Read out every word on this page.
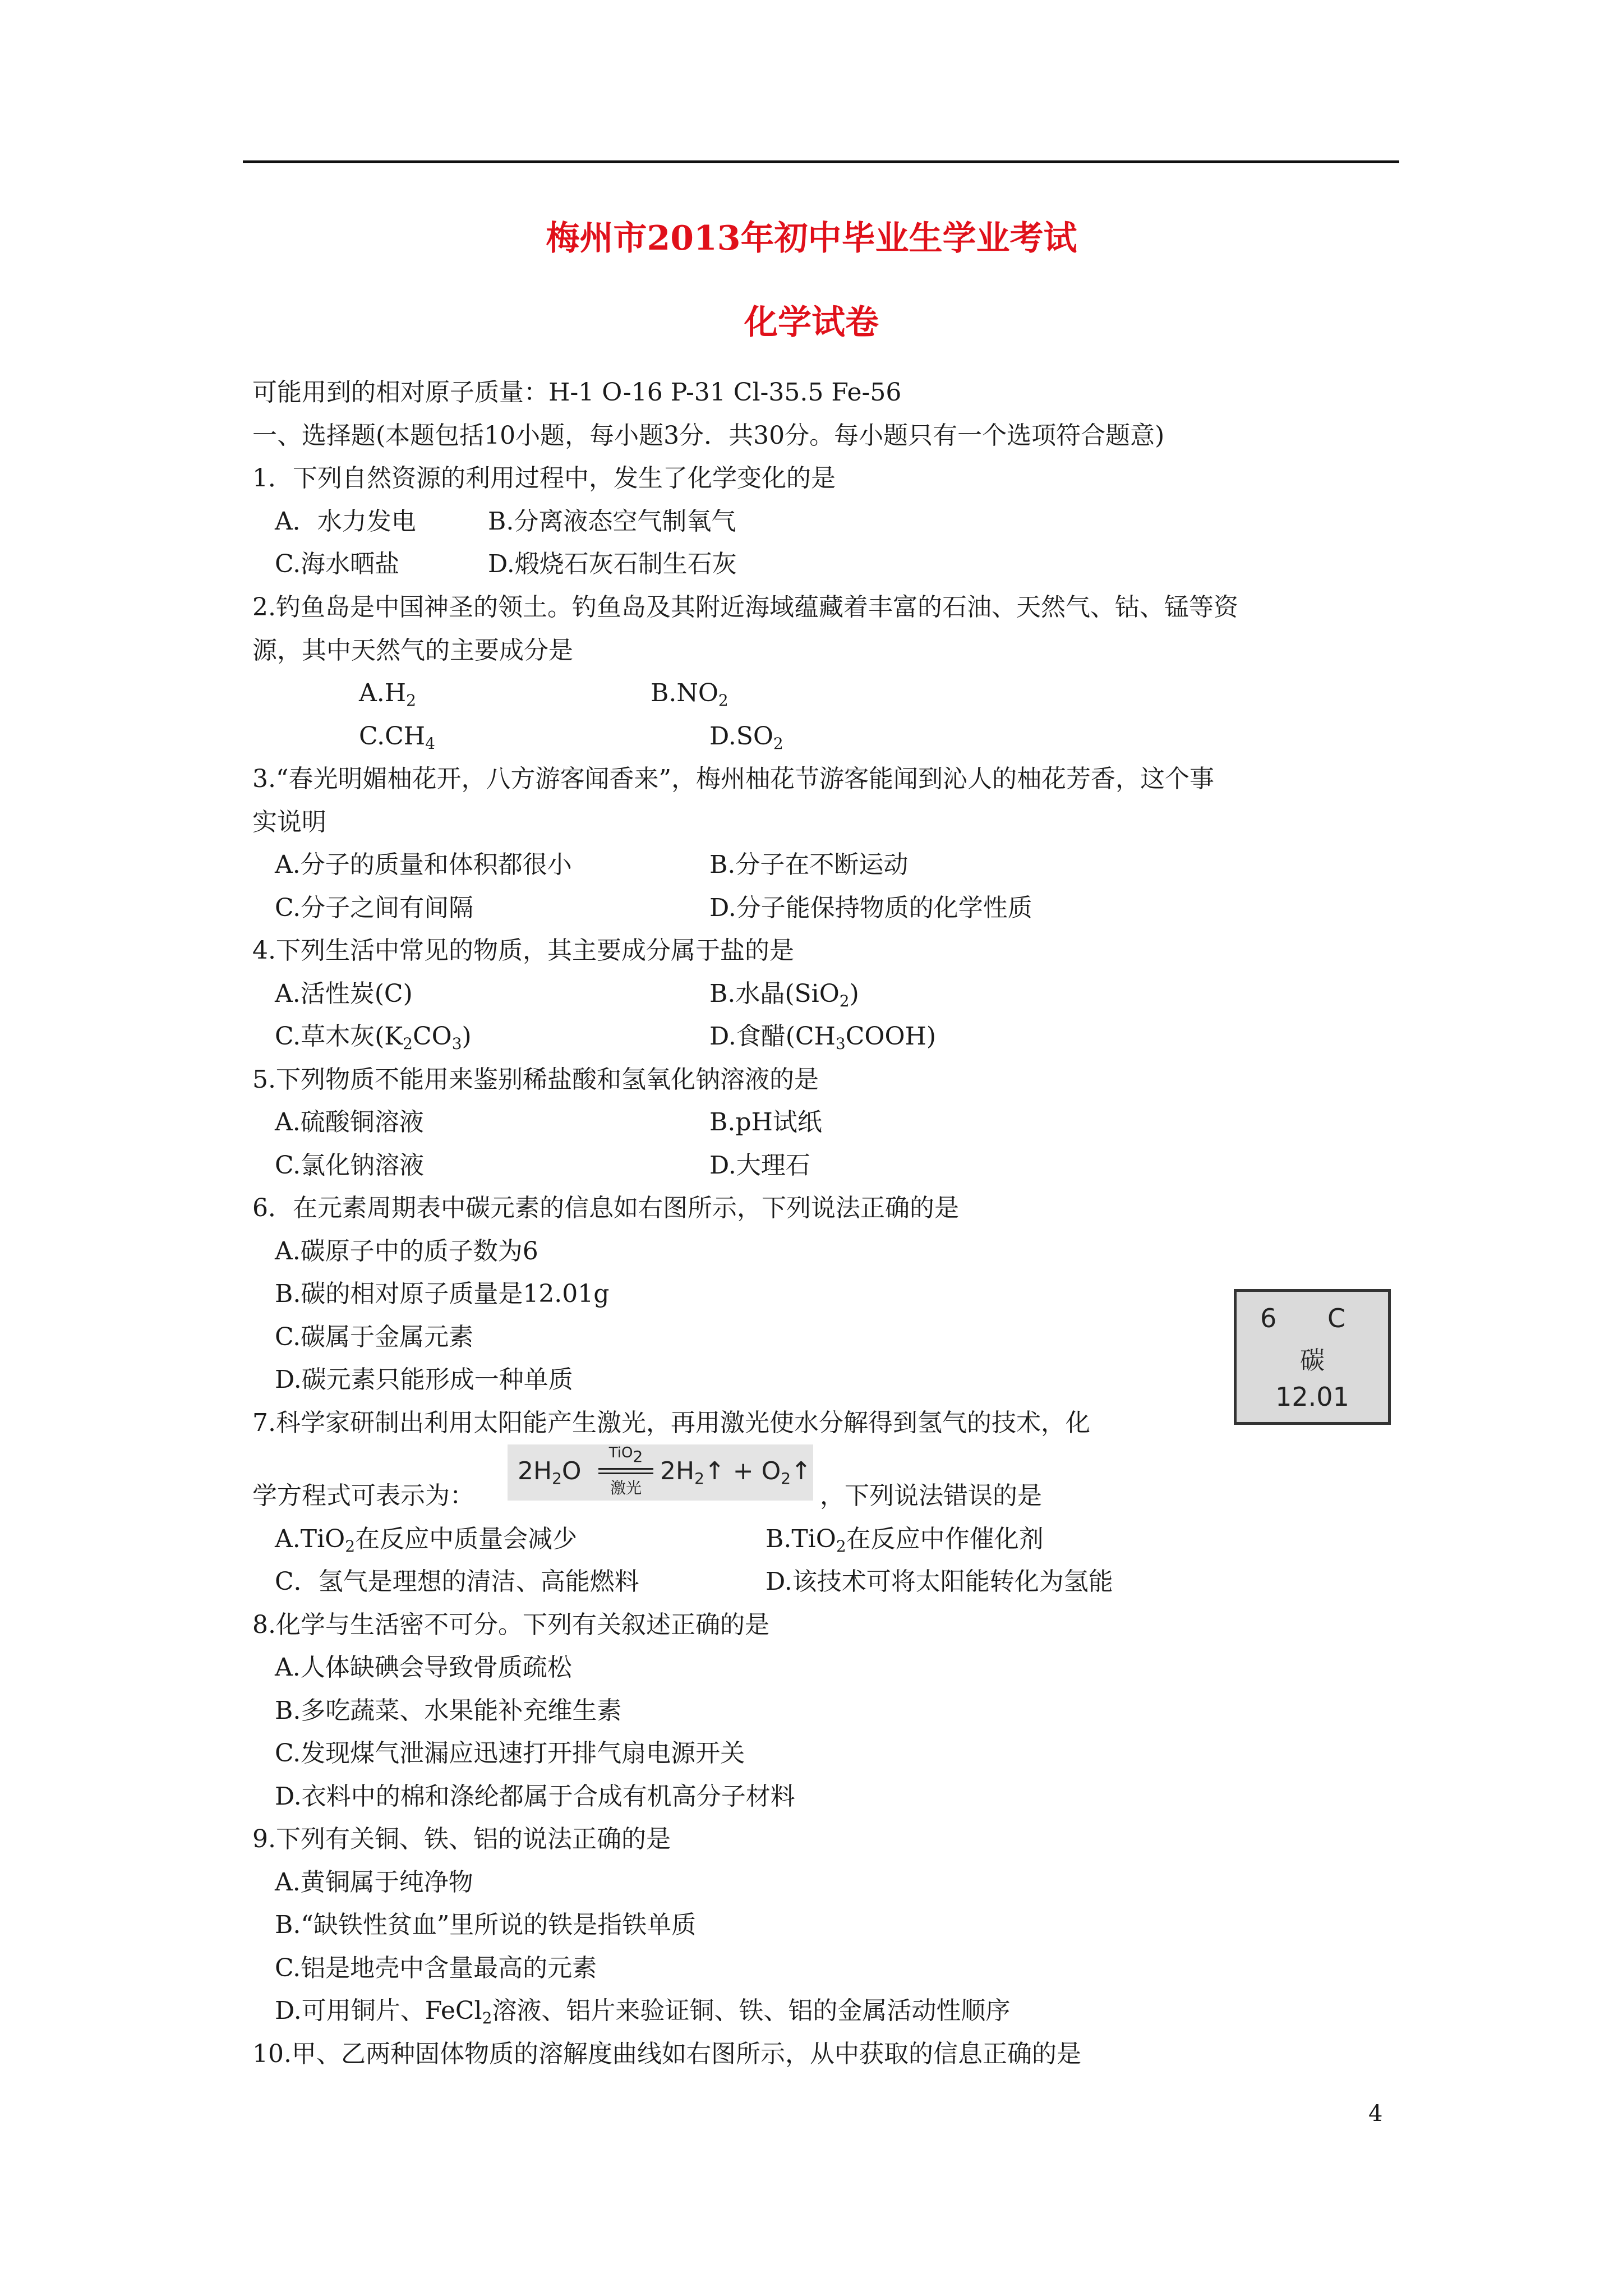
梅州市2013年初中毕业生学业考试
化学试卷
可能用到的相对原子质量：H-1 O-16 P-31 Cl-35.5 Fe-56
一、选择题(本题包括10小题，每小题3分．共30分。每小题只有一个选项符合题意)
1．下列自然资源的利用过程中，发生了化学变化的是
A．水力发电	B.分离液态空气制氧气
C.海水晒盐	D.煅烧石灰石制生石灰
2.钓鱼岛是中国神圣的领土。钓鱼岛及其附近海域蕴藏着丰富的石油、天然气、钴、锰等资
源，其中天然气的主要成分是
$A.H_2$	$B.NO_2$
$C.CH_4$	$D.SO_2$
3.“春光明媚柚花开，八方游客闻香来”，梅州柚花节游客能闻到沁人的柚花芳香，这个事
实说明
A.分子的质量和体积都很小	B.分子在不断运动
C.分子之间有间隔	D.分子能保持物质的化学性质
4.下列生活中常见的物质，其主要成分属于盐的是
A.活性炭(C)	B.水晶(SiO$_2$)
C.草木灰$(K_2CO_3)$	D.食醋$(CH_3COOH)$
5.下列物质不能用来鉴别稀盐酸和氢氧化钠溶液的是
A.硫酸铜溶液	B.pH试纸
C.氯化钠溶液	D.大理石
6．在元素周期表中碳元素的信息如右图所示，下列说法正确的是
A.碳原子中的质子数为6
B.碳的相对原子质量是12.01g
C.碳属于金属元素
D.碳元素只能形成一种单质
6 C
碳
12.01
7.科学家研制出利用太阳能产生激光，再用激光使水分解得到氢气的技术，化
学方程式可表示为：
$2H_2O$
TiO$_2$
激光
$2H_2↑$ + $O_2↑$
，下列说法错误的是
A.TiO$_2$在反应中质量会减少	B.TiO$_2$在反应中作催化剂
C．氢气是理想的清洁、高能燃料	D.该技术可将太阳能转化为氢能
8.化学与生活密不可分。下列有关叙述正确的是
A.人体缺碘会导致骨质疏松
B.多吃蔬菜、水果能补充维生素
C.发现煤气泄漏应迅速打开排气扇电源开关
D.衣料中的棉和涤纶都属于合成有机高分子材料
9.下列有关铜、铁、铝的说法正确的是
A.黄铜属于纯净物
B.“缺铁性贫血”里所说的铁是指铁单质
C.铝是地壳中含量最高的元素
D.可用铜片、FeCl$_2$溶液、铝片来验证铜、铁、铝的金属活动性顺序
10.甲、乙两种固体物质的溶解度曲线如右图所示，从中获取的信息正确的是
4
